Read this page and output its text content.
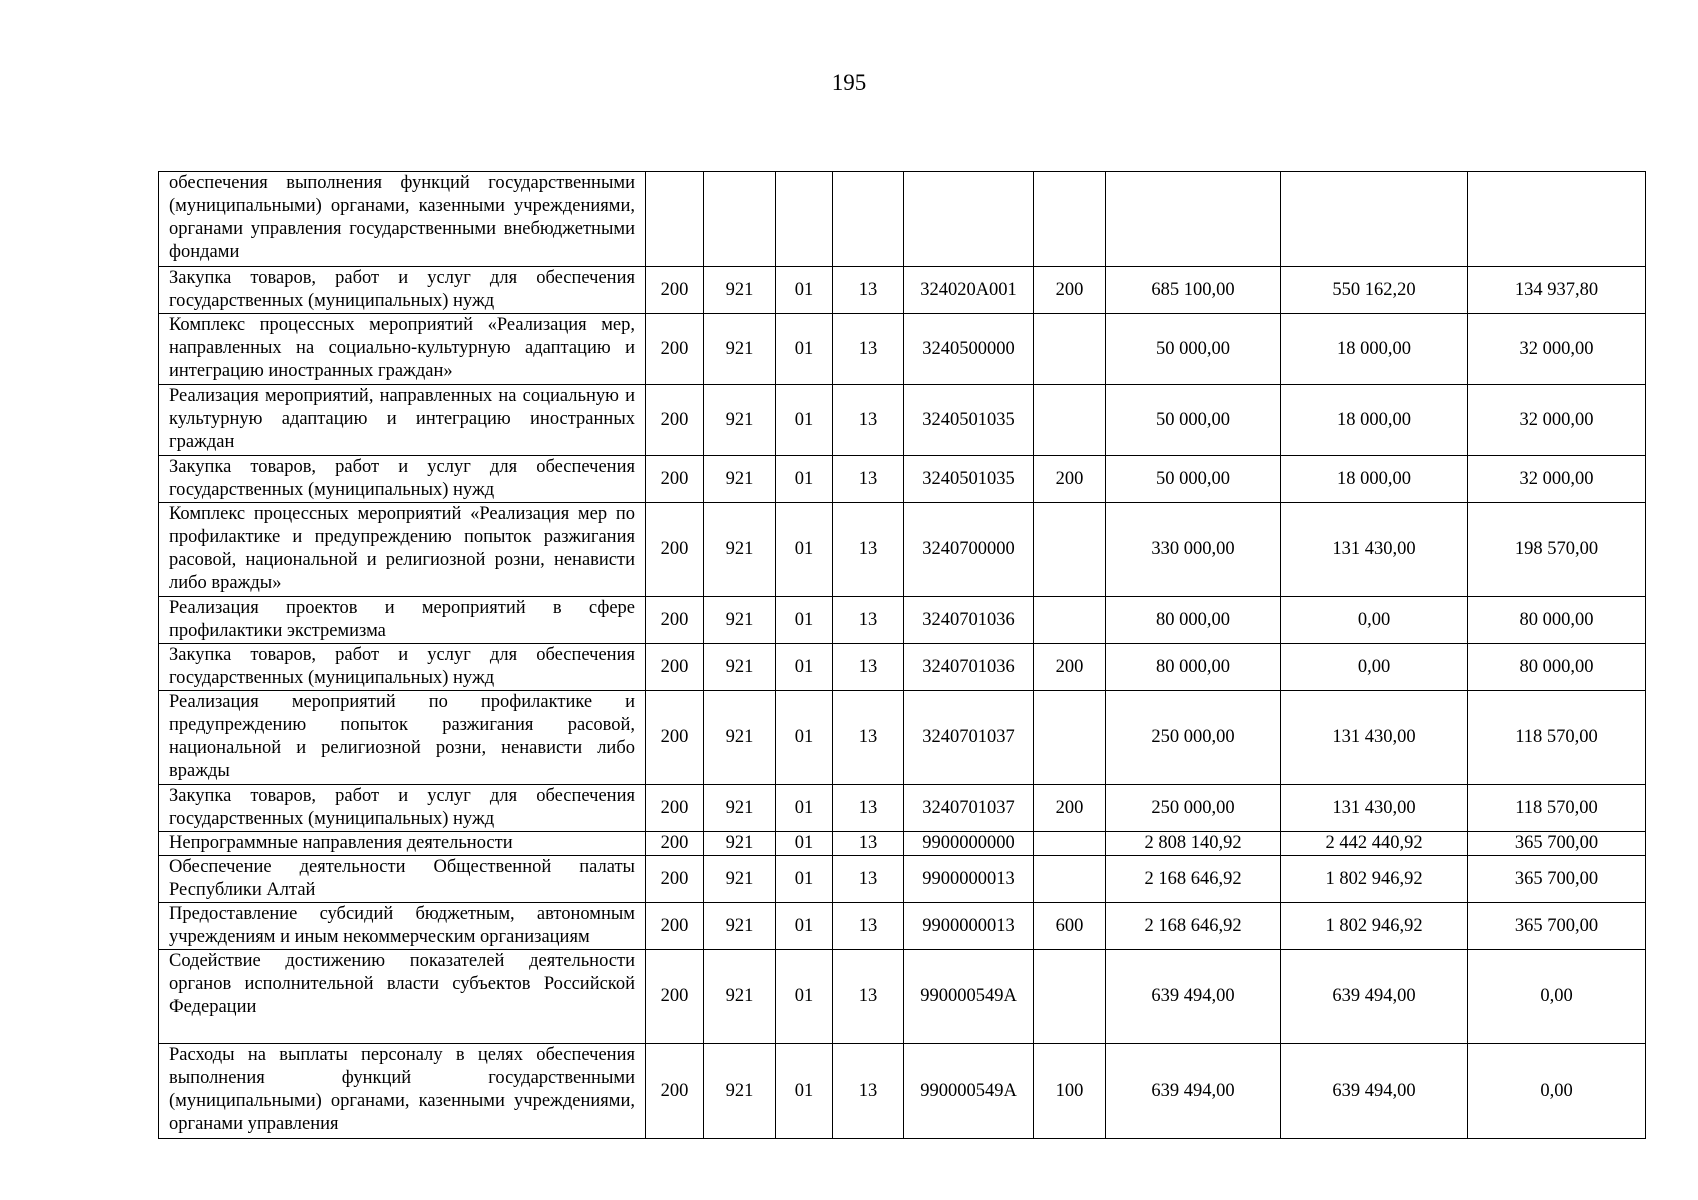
195
обеспечения выполнения функций государственными (муниципальными) органами, казенными учреждениями, органами управления государственными внебюджетными фондами									
Закупка товаров, работ и услуг для обеспечения государственных (муниципальных) нужд	200	921	01	13	324020А001	200	685 100,00	550 162,20	134 937,80
Комплекс процессных мероприятий «Реализация мер, направленных на социально-культурную адаптацию и интеграцию иностранных граждан»	200	921	01	13	3240500000		50 000,00	18 000,00	32 000,00
Реализация мероприятий, направленных на социальную и культурную адаптацию и интеграцию иностранных граждан	200	921	01	13	3240501035		50 000,00	18 000,00	32 000,00
Закупка товаров, работ и услуг для обеспечения государственных (муниципальных) нужд	200	921	01	13	3240501035	200	50 000,00	18 000,00	32 000,00
Комплекс процессных мероприятий «Реализация мер по профилактике и предупреждению попыток разжигания расовой, национальной и религиозной розни, ненависти либо вражды»	200	921	01	13	3240700000		330 000,00	131 430,00	198 570,00
Реализация проектов и мероприятий в сфере профилактики экстремизма	200	921	01	13	3240701036		80 000,00	0,00	80 000,00
Закупка товаров, работ и услуг для обеспечения государственных (муниципальных) нужд	200	921	01	13	3240701036	200	80 000,00	0,00	80 000,00
Реализация мероприятий по профилактике и предупреждению попыток разжигания расовой, национальной и религиозной розни, ненависти либо вражды	200	921	01	13	3240701037		250 000,00	131 430,00	118 570,00
Закупка товаров, работ и услуг для обеспечения государственных (муниципальных) нужд	200	921	01	13	3240701037	200	250 000,00	131 430,00	118 570,00
Непрограммные направления деятельности	200	921	01	13	9900000000		2 808 140,92	2 442 440,92	365 700,00
Обеспечение деятельности Общественной палаты Республики Алтай	200	921	01	13	9900000013		2 168 646,92	1 802 946,92	365 700,00
Предоставление субсидий бюджетным, автономным учреждениям и иным некоммерческим организациям	200	921	01	13	9900000013	600	2 168 646,92	1 802 946,92	365 700,00
Содействие достижению показателей деятельности органов исполнительной власти субъектов Российской Федерации	200	921	01	13	990000549А		639 494,00	639 494,00	0,00
Расходы на выплаты персоналу в целях обеспечения выполнения функций государственными (муниципальными) органами, казенными учреждениями, органами управления	200	921	01	13	990000549А	100	639 494,00	639 494,00	0,00
